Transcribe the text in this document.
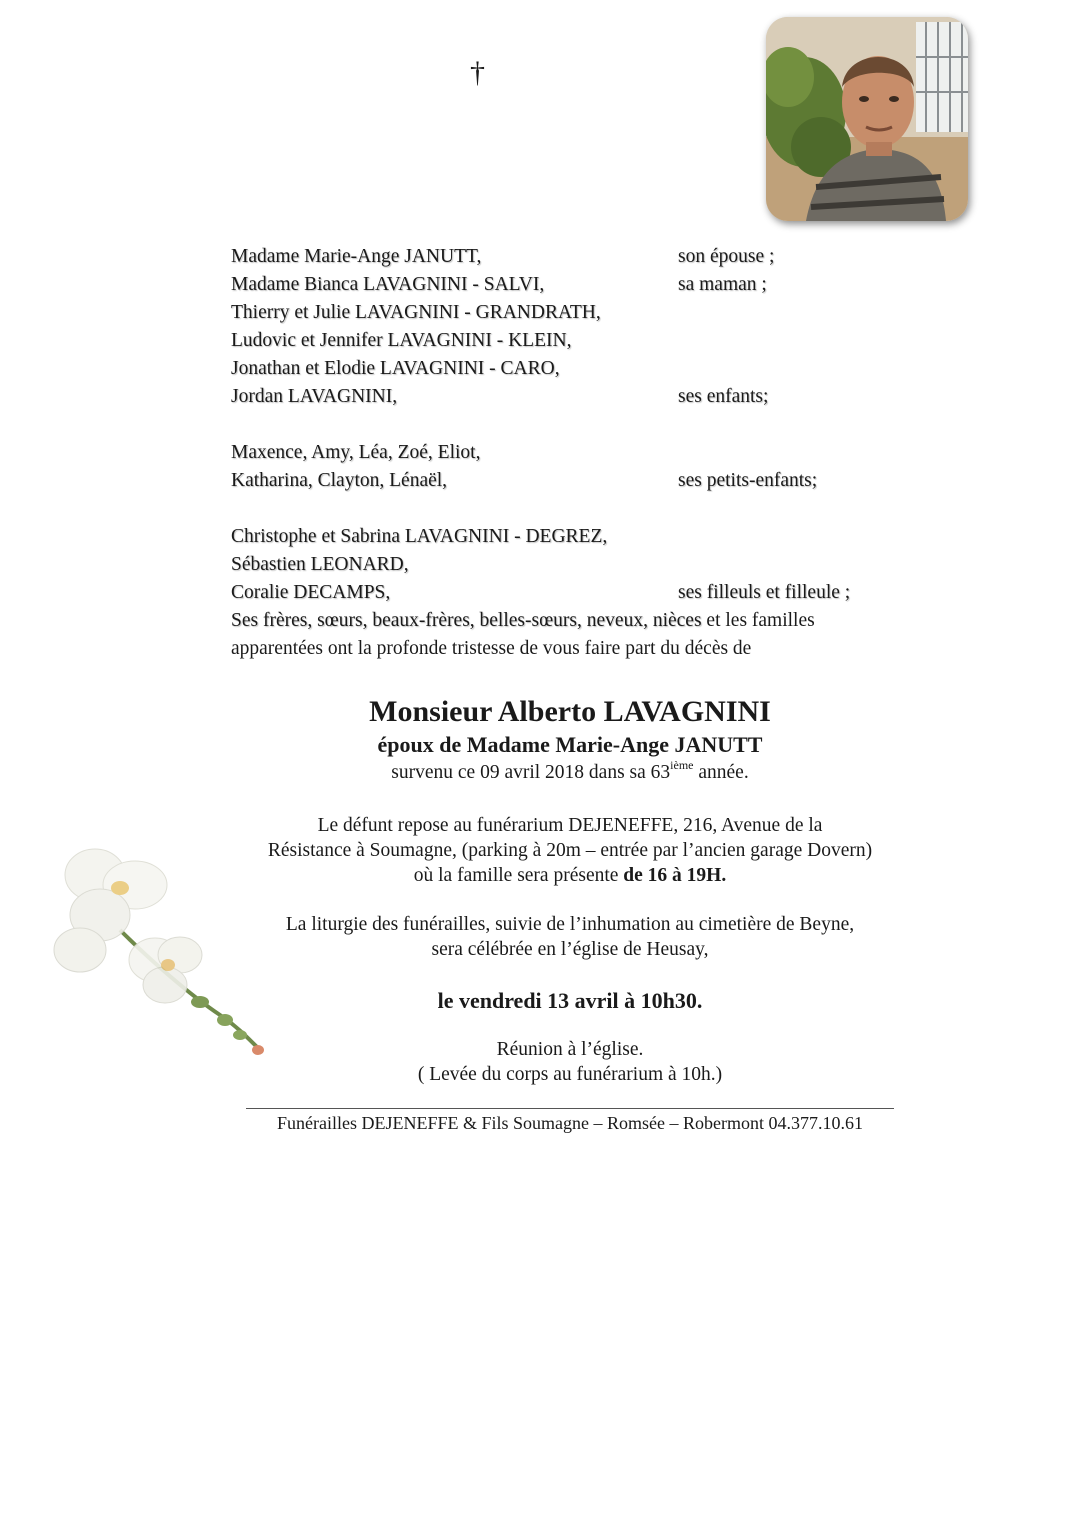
†
Madame Marie-Ange JANUTT,	son épouse ;
Madame Bianca LAVAGNINI - SALVI,	sa maman ;
Thierry et Julie LAVAGNINI - GRANDRATH,
Ludovic et Jennifer LAVAGNINI - KLEIN,
Jonathan et Elodie LAVAGNINI - CARO,
Jordan LAVAGNINI,	ses enfants;
Maxence, Amy, Léa, Zoé, Eliot,
Katharina, Clayton, Lénaël,	ses petits-enfants;
Christophe et Sabrina LAVAGNINI - DEGREZ,
Sébastien LEONARD,
Coralie DECAMPS,	ses filleuls et filleule ;
Ses frères, sœurs, beaux-frères, belles-sœurs, neveux, nièces et les familles apparentées ont la profonde tristesse de vous faire part du décès de
Monsieur Alberto LAVAGNINI
époux de Madame Marie-Ange JANUTT
survenu ce 09 avril 2018 dans sa 63ième année.
Le défunt repose au funérarium DEJENEFFE, 216, Avenue de la
Résistance à Soumagne, (parking à 20m – entrée par l’ancien garage Dovern)
où la famille sera présente de 16 à 19H.
La liturgie des funérailles, suivie de l’inhumation au cimetière de Beyne,
sera célébrée en l’église de Heusay,
le vendredi 13 avril à 10h30.
Réunion à l’église.
( Levée du corps au funérarium à 10h.)
Funérailles DEJENEFFE & Fils Soumagne – Romsée – Robermont 04.377.10.61
